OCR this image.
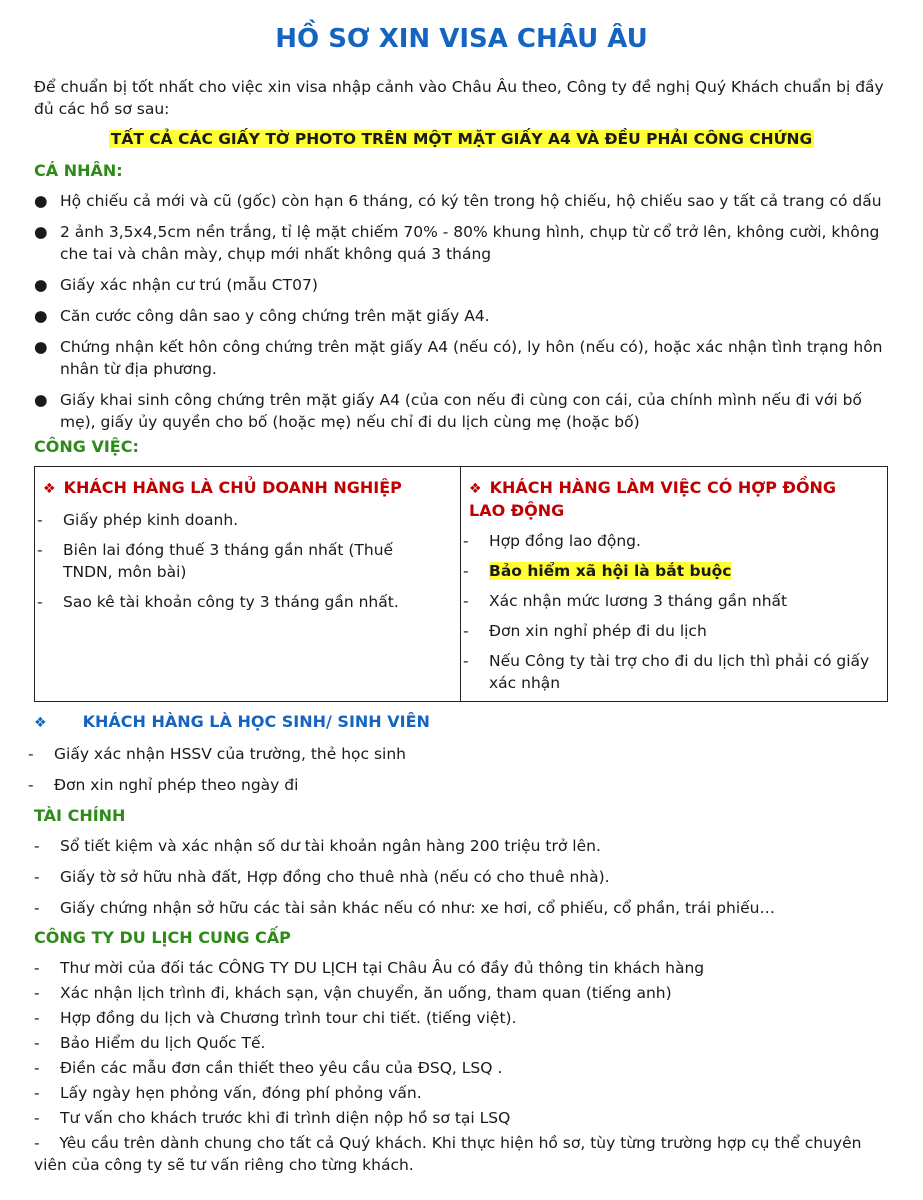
HỒ SƠ XIN VISA CHÂU ÂU

Để chuẩn bị tốt nhất cho việc xin visa nhập cảnh vào Châu Âu theo, Công ty đề nghị Quý Khách chuẩn bị đầy đủ các hồ sơ sau:

TẤT CẢ CÁC GIẤY TỜ PHOTO TRÊN MỘT MẶT GIẤY A4 VÀ ĐỀU PHẢI CÔNG CHỨNG

CÁ NHÂN:
● Hộ chiếu cả mới và cũ (gốc) còn hạn 6 tháng, có ký tên trong hộ chiếu, hộ chiếu sao y tất cả trang có dấu
● 2 ảnh 3,5x4,5cm nền trắng, tỉ lệ mặt chiếm 70% - 80% khung hình, chụp từ cổ trở lên, không cười, không che tai và chân mày, chụp mới nhất không quá 3 tháng
● Giấy xác nhận cư trú (mẫu CT07)
● Căn cước công dân sao y công chứng trên mặt giấy A4.
● Chứng nhận kết hôn công chứng trên mặt giấy A4 (nếu có), ly hôn (nếu có), hoặc xác nhận tình trạng hôn nhân từ địa phương.
● Giấy khai sinh công chứng trên mặt giấy A4 (của con nếu đi cùng con cái, của chính mình nếu đi với bố mẹ), giấy ủy quyền cho bố (hoặc mẹ) nếu chỉ đi du lịch cùng mẹ (hoặc bố)
CÔNG VIỆC:
❖ KHÁCH HÀNG LÀ CHỦ DOANH NGHIỆP
- Giấy phép kinh doanh.
- Biên lai đóng thuế 3 tháng gần nhất (Thuế TNDN, môn bài)
- Sao kê tài khoản công ty 3 tháng gần nhất.
❖ KHÁCH HÀNG LÀM VIỆC CÓ HỢP ĐỒNG LAO ĐỘNG
- Hợp đồng lao động.
- Bảo hiểm xã hội là bắt buộc
- Xác nhận mức lương 3 tháng gần nhất
- Đơn xin nghỉ phép đi du lịch
- Nếu Công ty tài trợ cho đi du lịch thì phải có giấy xác nhận
❖ KHÁCH HÀNG LÀ HỌC SINH/ SINH VIÊN
- Giấy xác nhận HSSV của trường, thẻ học sinh
- Đơn xin nghỉ phép theo ngày đi
TÀI CHÍNH
- Sổ tiết kiệm và xác nhận số dư tài khoản ngân hàng 200 triệu trở lên.
- Giấy tờ sở hữu nhà đất, Hợp đồng cho thuê nhà (nếu có cho thuê nhà).
- Giấy chứng nhận sở hữu các tài sản khác nếu có như: xe hơi, cổ phiếu, cổ phần, trái phiếu…
CÔNG TY DU LỊCH CUNG CẤP
- Thư mời của đối tác CÔNG TY DU LỊCH tại Châu Âu có đầy đủ thông tin khách hàng
- Xác nhận lịch trình đi, khách sạn, vận chuyển, ăn uống, tham quan (tiếng anh)
- Hợp đồng du lịch và Chương trình tour chi tiết. (tiếng việt).
- Bảo Hiểm du lịch Quốc Tế.
- Điền các mẫu đơn cần thiết theo yêu cầu của ĐSQ, LSQ .
- Lấy ngày hẹn phỏng vấn, đóng phí phỏng vấn.
- Tư vấn cho khách trước khi đi trình diện nộp hồ sơ tại LSQ
-    Yêu cầu trên dành chung cho tất cả Quý khách. Khi thực hiện hồ sơ, tùy từng trường hợp cụ thể chuyên viên của công ty sẽ tư vấn riêng cho từng khách.
